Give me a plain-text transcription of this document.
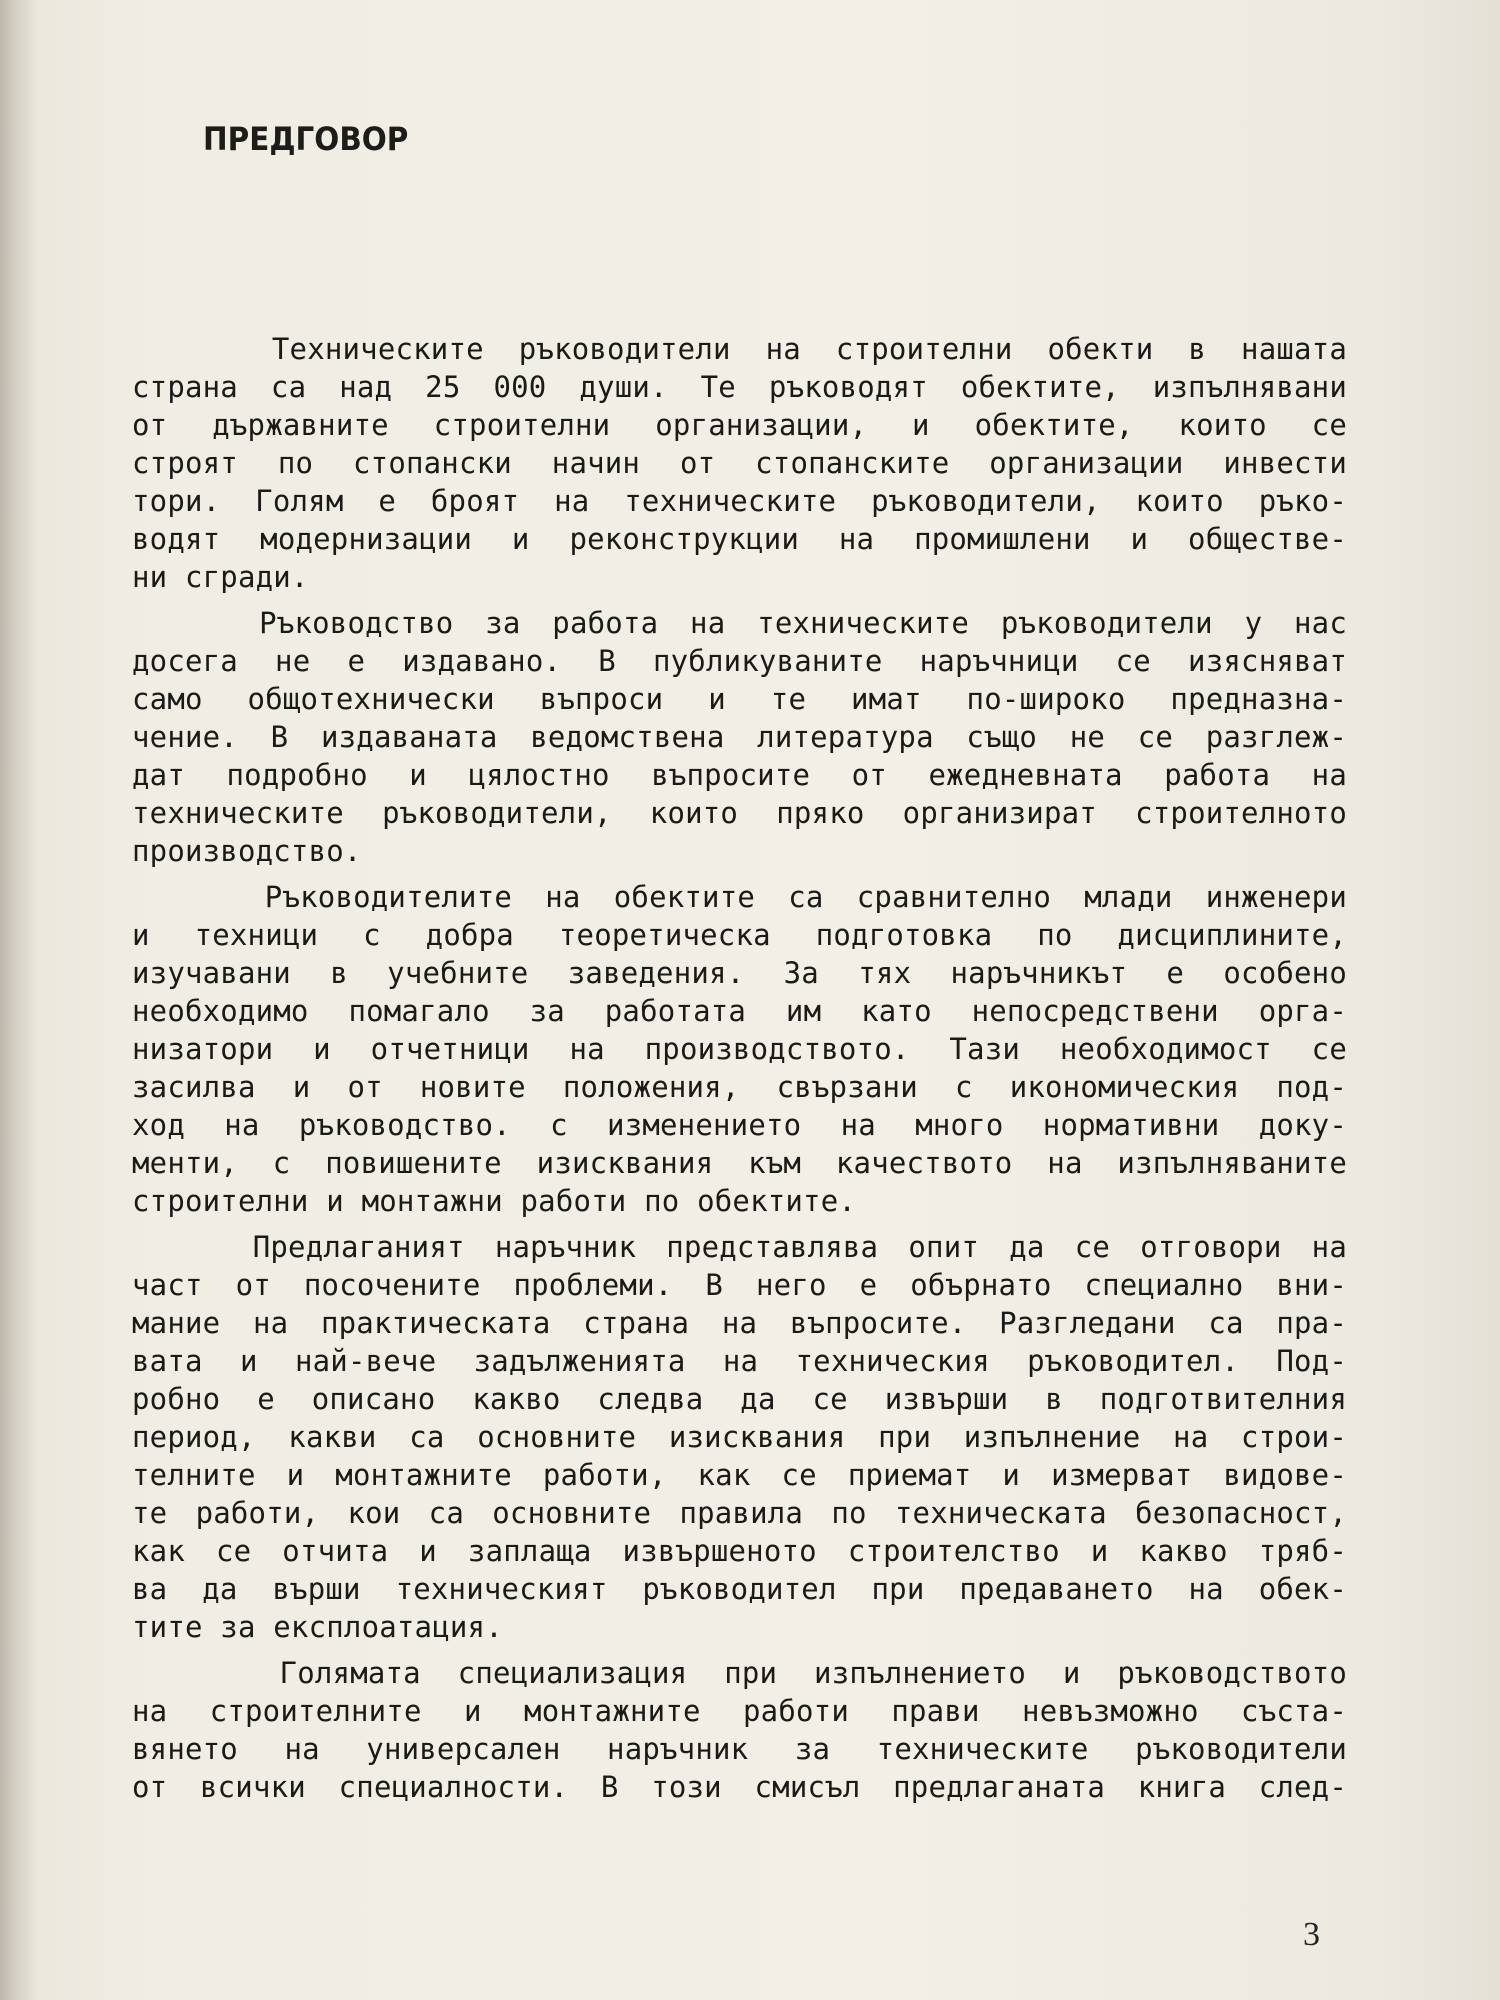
ПРЕДГОВОР
Техническите ръководители на строителни обекти в нашата
страна са над 25 000 души. Те ръководят обектите, изпълнявани
от държавните строителни организации, и обектите, които се
строят по стопански начин от стопанските организации инвести
тори. Голям е броят на техническите ръководители, които ръко-
водят модернизации и реконструкции на промишлени и обществе-
ни сгради.
Ръководство за работа на техническите ръководители у нас
досега не е издавано. В публикуваните наръчници се изясняват
само общотехнически въпроси и те имат по-широко предназна-
чение. В издаваната ведомствена литература също не се разглеж-
дат подробно и цялостно въпросите от ежедневната работа на
техническите ръководители, които пряко организират строителното
производство.
Ръководителите на обектите са сравнително млади инженери
и техници с добра теоретическа подготовка по дисциплините,
изучавани в учебните заведения. За тях наръчникът е особено
необходимо помагало за работата им като непосредствени орга-
низатори и отчетници на производството. Тази необходимост се
засилва и от новите положения, свързани с икономическия под-
ход на ръководство. с изменението на много нормативни доку-
менти, с повишените изисквания към качеството на изпълняваните
строителни и монтажни работи по обектите.
Предлаганият наръчник представлява опит да се отговори на
част от посочените проблеми. В него е обърнато специално вни-
мание на практическата страна на въпросите. Разгледани са пра-
вата и най-вече задълженията на техническия ръководител. Под-
робно е описано какво следва да се извърши в подготвителния
период, какви са основните изисквания при изпълнение на строи-
телните и монтажните работи, как се приемат и измерват видове-
те работи, кои са основните правила по техническата безопасност,
как се отчита и заплаща извършеното строителство и какво тряб-
ва да върши техническият ръководител при предаването на обек-
тите за експлоатация.
Голямата специализация при изпълнението и ръководството
на строителните и монтажните работи прави невъзможно съста-
вянето на универсален наръчник за техническите ръководители
от всички специалности. В този смисъл предлаганата книга след-
3
